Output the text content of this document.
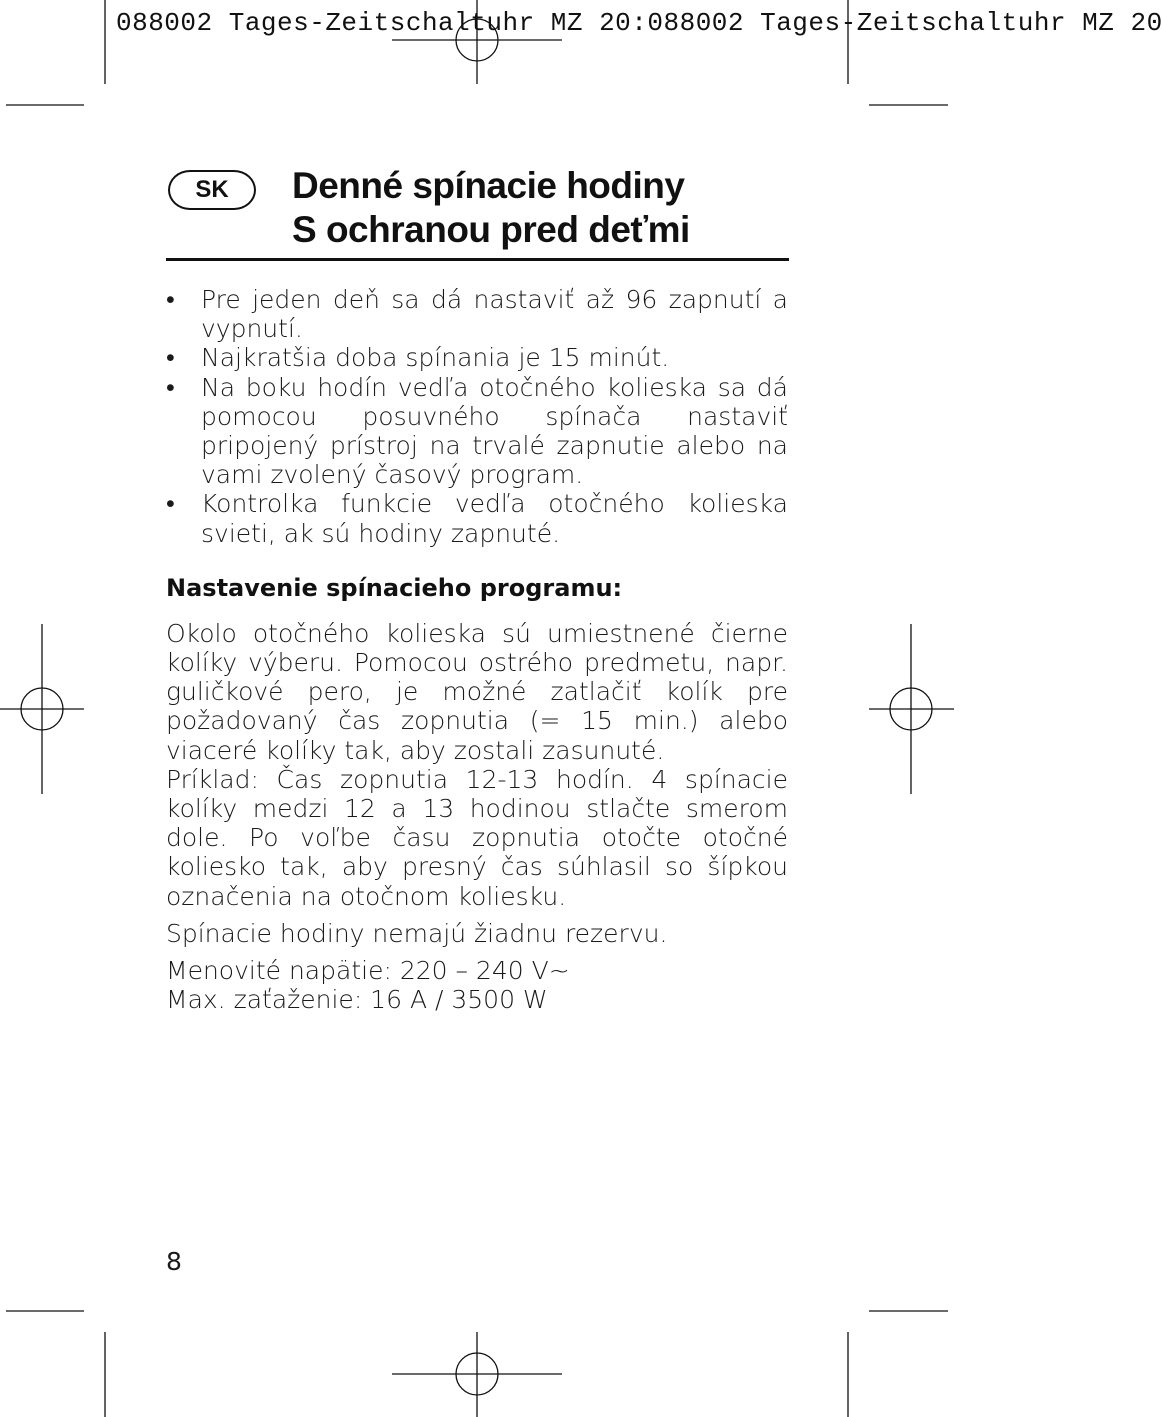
088002 Tages-Zeitschaltuhr MZ 20:088002 Tages-Zeitschaltuhr MZ 20
SK	Denné spínacie hodiny
S ochranou pred deťmi
• Pre jeden deň sa dá nastaviť až 96 zapnutí a vypnutí.
• Najkratšia doba spínania je 15 minút.
• Na boku hodín vedľa otočného kolieska sa dá pomocou posuvného spínača nastaviť pripojený prístroj na trvalé zapnutie alebo na vami zvolený časový program.
• Kontrolka funkcie vedľa otočného kolieska svieti, ak sú hodiny zapnuté.
Nastavenie spínacieho programu:
Okolo otočného kolieska sú umiestnené čierne kolíky výberu. Pomocou ostrého predmetu, napr. guličkové pero, je možné zatlačiť kolík pre požadovaný čas zopnutia (= 15 min.) alebo viaceré kolíky tak, aby zostali zasunuté.
Príklad: Čas zopnutia 12-13 hodín. 4 spínacie kolíky medzi 12 a 13 hodinou stlačte smerom dole. Po voľbe času zopnutia otočte otočné koliesko tak, aby presný čas súhlasil so šípkou označenia na otočnom koliesku.
Spínacie hodiny nemajú žiadnu rezervu.
Menovité napätie: 220 – 240 V~
Max. zaťaženie: 16 A / 3500 W
8
